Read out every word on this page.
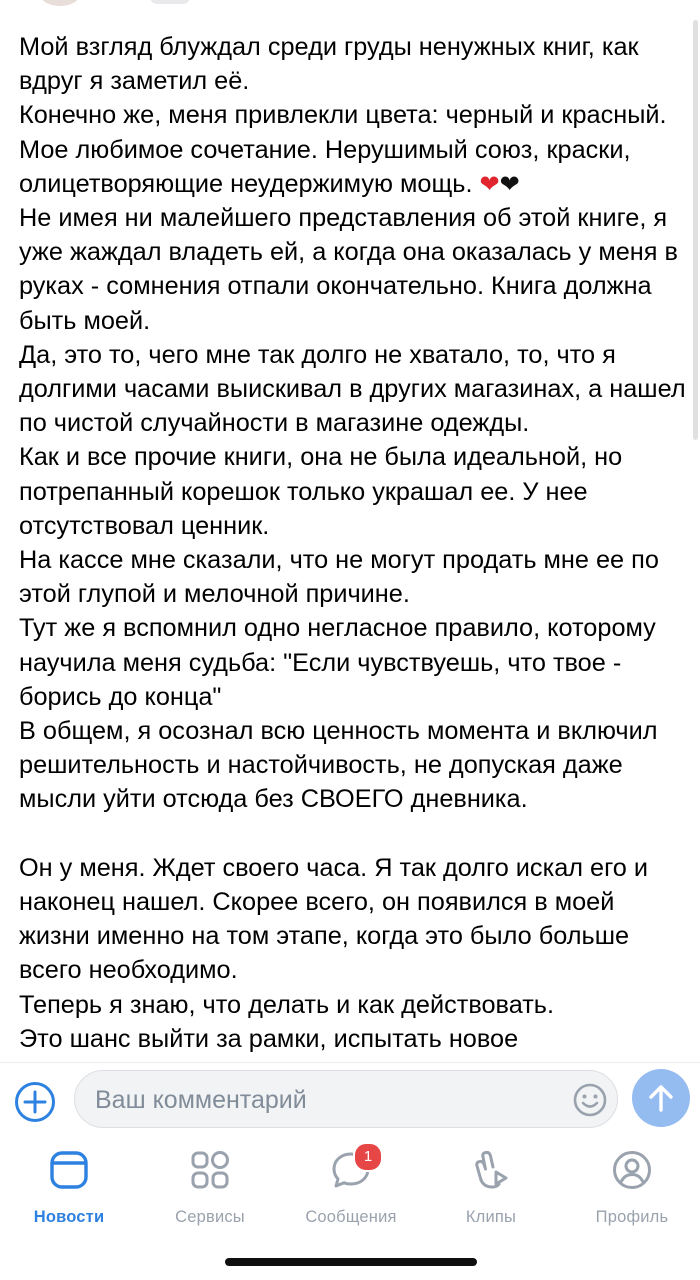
Мой взгляд блуждал среди груды ненужных книг, как вдруг я заметил её.

Конечно же, меня привлекли цвета: черный и красный. Мое любимое сочетание. Нерушимый союз, краски, олицетворяющие неудержимую мощь. ❤❤

Не имея ни малейшего представления об этой книге, я уже жаждал владеть ей, а когда она оказалась у меня в руках - сомнения отпали окончательно. Книга должна быть моей.

Да, это то, чего мне так долго не хватало, то, что я долгими часами выискивал в других магазинах, а нашел по чистой случайности в магазине одежды.

Как и все прочие книги, она не была идеальной, но потрепанный корешок только украшал ее. У нее отсутствовал ценник.

На кассе мне сказали, что не могут продать мне ее по этой глупой и мелочной причине.

Тут же я вспомнил одно негласное правило, которому научила меня судьба: "Если чувствуешь, что твое - борись до конца"

В общем, я осознал всю ценность момента и включил решительность и настойчивость, не допуская даже мысли уйти отсюда без СВОЕГО дневника.

Он у меня. Ждет своего часа. Я так долго искал его и наконец нашел. Скорее всего, он появился в моей жизни именно на том этапе, когда это было больше всего необходимо.

Теперь я знаю, что делать и как действовать.

Это шанс выйти за рамки, испытать новое

Ваш комментарий
Новости	Сервисы
1
Сообщения	Клипы	Профиль
